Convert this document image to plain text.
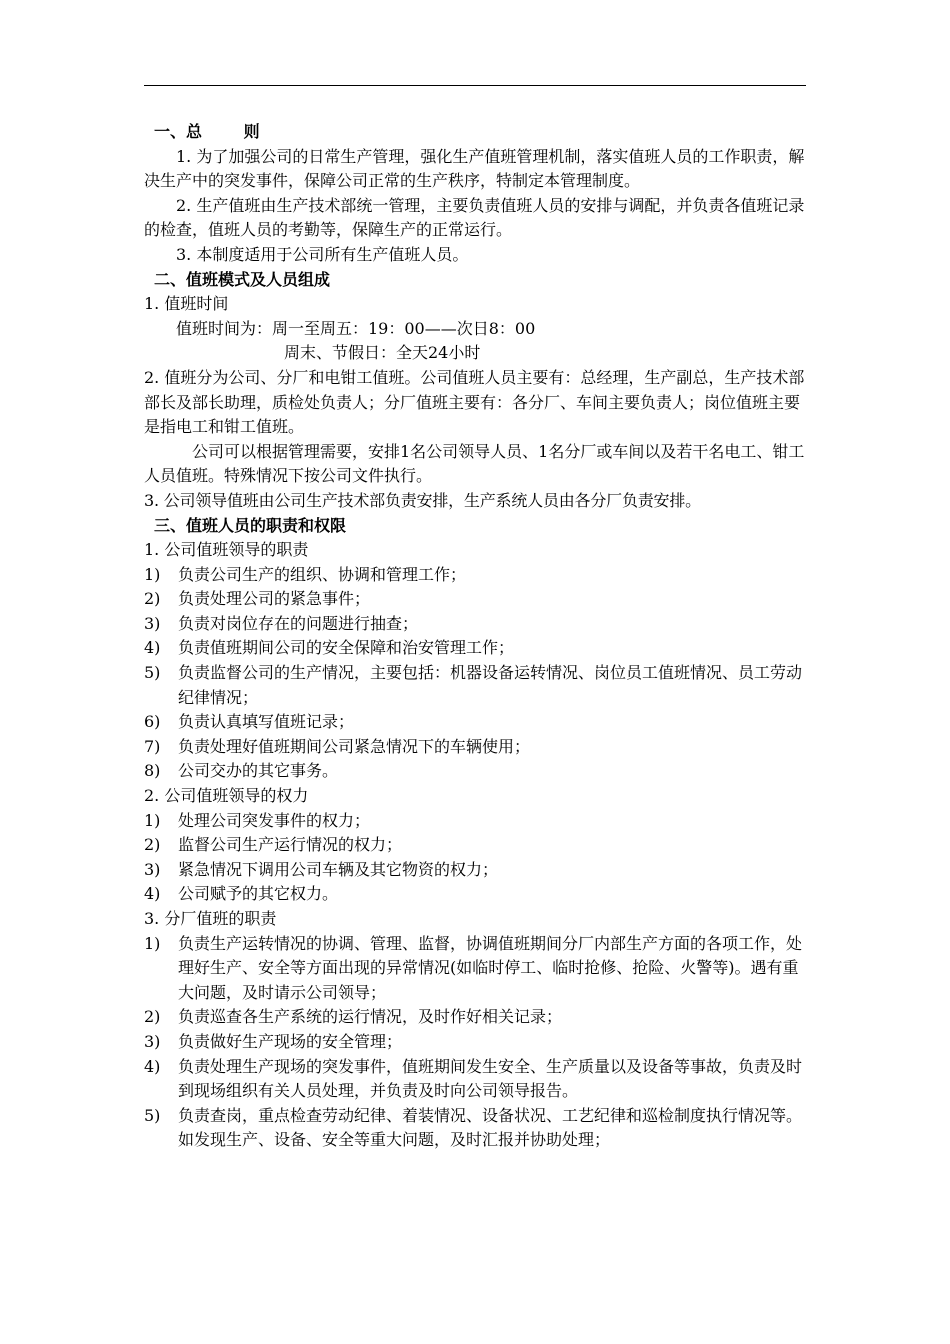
一、总 则

1. 为了加强公司的日常生产管理，强化生产值班管理机制，落实值班人员的工作职责，解决生产中的突发事件，保障公司正常的生产秩序，特制定本管理制度。

2. 生产值班由生产技术部统一管理，主要负责值班人员的安排与调配，并负责各值班记录的检查，值班人员的考勤等，保障生产的正常运行。

3. 本制度适用于公司所有生产值班人员。

二、值班模式及人员组成

1. 值班时间

值班时间为：周一至周五：19：00——次日8：00

周末、节假日：全天24小时

2. 值班分为公司、分厂和电钳工值班。公司值班人员主要有：总经理，生产副总，生产技术部部长及部长助理，质检处负责人；分厂值班主要有：各分厂、车间主要负责人；岗位值班主要是指电工和钳工值班。

公司可以根据管理需要，安排1名公司领导人员、1名分厂或车间以及若干名电工、钳工人员值班。特殊情况下按公司文件执行。

3. 公司领导值班由公司生产技术部负责安排，生产系统人员由各分厂负责安排。

三、值班人员的职责和权限

1. 公司值班领导的职责

1) 负责公司生产的组织、协调和管理工作；

2) 负责处理公司的紧急事件；

3) 负责对岗位存在的问题进行抽查；

4) 负责值班期间公司的安全保障和治安管理工作；

5) 负责监督公司的生产情况，主要包括：机器设备运转情况、岗位员工值班情况、员工劳动纪律情况；

6) 负责认真填写值班记录；

7) 负责处理好值班期间公司紧急情况下的车辆使用；

8) 公司交办的其它事务。

2. 公司值班领导的权力

1) 处理公司突发事件的权力；

2) 监督公司生产运行情况的权力；

3) 紧急情况下调用公司车辆及其它物资的权力；

4) 公司赋予的其它权力。

3. 分厂值班的职责

1) 负责生产运转情况的协调、管理、监督，协调值班期间分厂内部生产方面的各项工作，处理好生产、安全等方面出现的异常情况(如临时停工、临时抢修、抢险、火警等)。遇有重大问题，及时请示公司领导；

2) 负责巡查各生产系统的运行情况，及时作好相关记录；

3) 负责做好生产现场的安全管理；

4) 负责处理生产现场的突发事件，值班期间发生安全、生产质量以及设备等事故，负责及时到现场组织有关人员处理，并负责及时向公司领导报告。

5) 负责查岗，重点检查劳动纪律、着装情况、设备状况、工艺纪律和巡检制度执行情况等。如发现生产、设备、安全等重大问题，及时汇报并协助处理；
